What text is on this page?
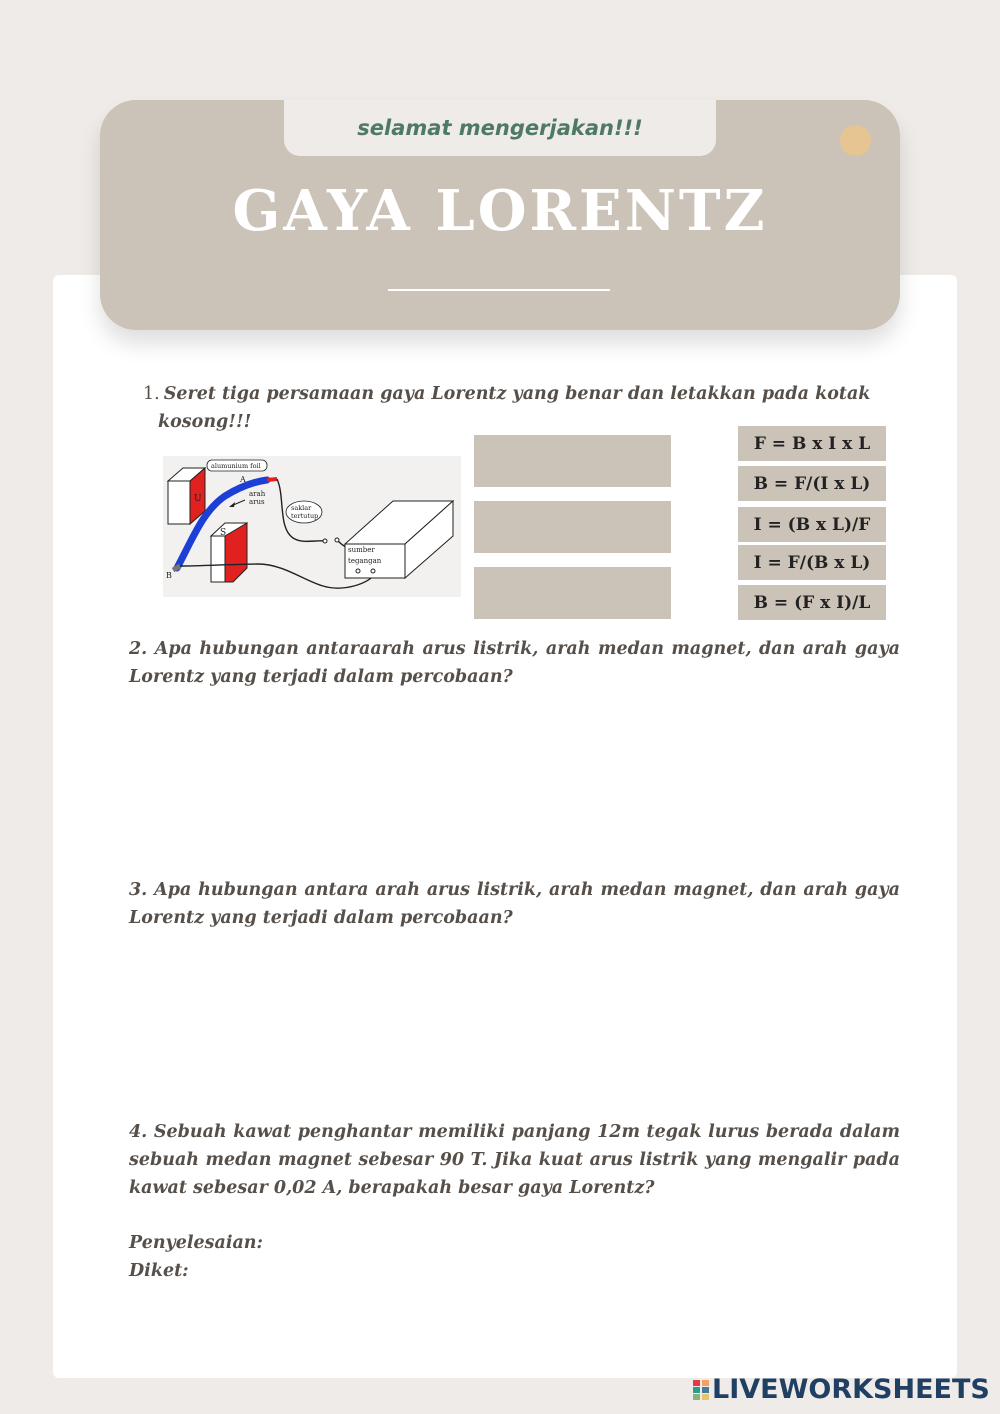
selamat mengerjakan!!!
GAYA LORENTZ

1. Seret tiga persamaan gaya Lorentz yang benar dan letakkan pada kotak
kosong!!!

U
S
sumber
tegangan
alumunium foil
A
arah
arus
saklar
tertutup
B
F = B x I x L
B = F/(I x L)
I = (B x L)/F
I = F/(B x L)
B = (F x I)/L

2. Apa hubungan antaraarah arus listrik, arah medan magnet, dan arah gaya Lorentz yang terjadi dalam percobaan?

3. Apa hubungan antara arah arus listrik, arah medan magnet, dan arah gaya Lorentz yang terjadi dalam percobaan?

4. Sebuah kawat penghantar memiliki panjang 12m tegak lurus berada dalam sebuah medan magnet sebesar 90 T. Jika kuat arus listrik yang mengalir pada kawat sebesar 0,02 A, berapakah besar gaya Lorentz?

Penyelesaian:
Diket:

LIVEWORKSHEETS
